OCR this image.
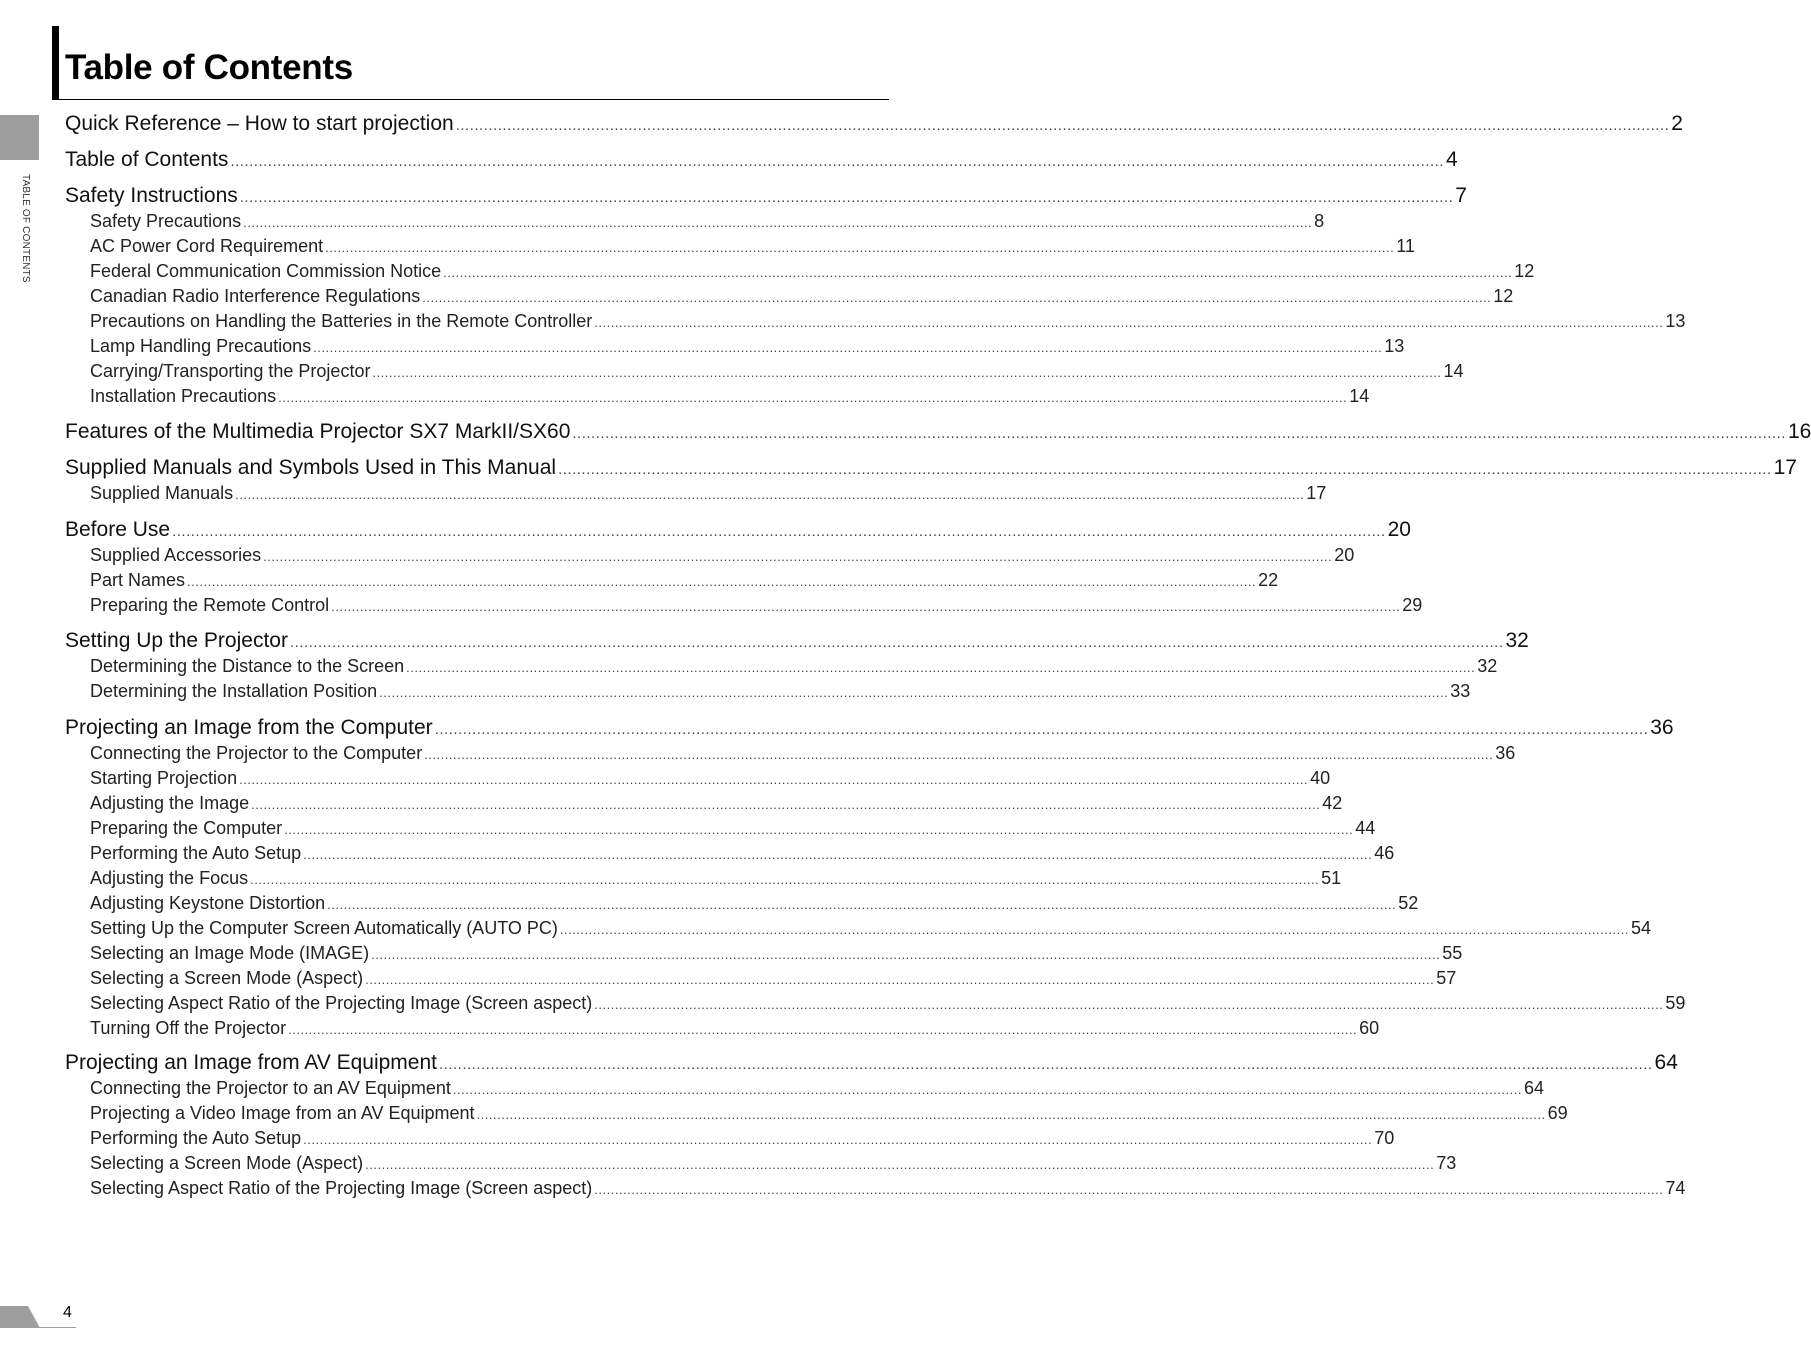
Table of Contents
TABLE OF CONTENTS
Quick Reference – How to start projection .................................................................................................................................................................................................................................................................... 2
Table of Contents .................................................................................................................................................................................................................................................................... 4
Safety Instructions .................................................................................................................................................................................................................................................................... 7
Safety Precautions .................................................................................................................................................................................................................................................................... 8
AC Power Cord Requirement .................................................................................................................................................................................................................................................................... 11
Federal Communication Commission Notice .................................................................................................................................................................................................................................................................... 12
Canadian Radio Interference Regulations .................................................................................................................................................................................................................................................................... 12
Precautions on Handling the Batteries in the Remote Controller .................................................................................................................................................................................................................................................................... 13
Lamp Handling Precautions .................................................................................................................................................................................................................................................................... 13
Carrying/Transporting the Projector .................................................................................................................................................................................................................................................................... 14
Installation Precautions .................................................................................................................................................................................................................................................................... 14
Features of the Multimedia Projector SX7 MarkII/SX60 .................................................................................................................................................................................................................................................................... 16
Supplied Manuals and Symbols Used in This Manual .................................................................................................................................................................................................................................................................... 17
Supplied Manuals .................................................................................................................................................................................................................................................................... 17
Before Use .................................................................................................................................................................................................................................................................... 20
Supplied Accessories .................................................................................................................................................................................................................................................................... 20
Part Names .................................................................................................................................................................................................................................................................... 22
Preparing the Remote Control .................................................................................................................................................................................................................................................................... 29
Setting Up the Projector .................................................................................................................................................................................................................................................................... 32
Determining the Distance to the Screen .................................................................................................................................................................................................................................................................... 32
Determining the Installation Position .................................................................................................................................................................................................................................................................... 33
Projecting an Image from the Computer .................................................................................................................................................................................................................................................................... 36
Connecting the Projector to the Computer .................................................................................................................................................................................................................................................................... 36
Starting Projection .................................................................................................................................................................................................................................................................... 40
Adjusting the Image .................................................................................................................................................................................................................................................................... 42
Preparing the Computer .................................................................................................................................................................................................................................................................... 44
Performing the Auto Setup .................................................................................................................................................................................................................................................................... 46
Adjusting the Focus .................................................................................................................................................................................................................................................................... 51
Adjusting Keystone Distortion .................................................................................................................................................................................................................................................................... 52
Setting Up the Computer Screen Automatically (AUTO PC) .................................................................................................................................................................................................................................................................... 54
Selecting an Image Mode (IMAGE) .................................................................................................................................................................................................................................................................... 55
Selecting a Screen Mode (Aspect) .................................................................................................................................................................................................................................................................... 57
Selecting Aspect Ratio of the Projecting Image (Screen aspect) .................................................................................................................................................................................................................................................................... 59
Turning Off the Projector .................................................................................................................................................................................................................................................................... 60
Projecting an Image from AV Equipment .................................................................................................................................................................................................................................................................... 64
Connecting the Projector to an AV Equipment .................................................................................................................................................................................................................................................................... 64
Projecting a Video Image from an AV Equipment .................................................................................................................................................................................................................................................................... 69
Performing the Auto Setup .................................................................................................................................................................................................................................................................... 70
Selecting a Screen Mode (Aspect) .................................................................................................................................................................................................................................................................... 73
Selecting Aspect Ratio of the Projecting Image (Screen aspect) .................................................................................................................................................................................................................................................................... 74
4
